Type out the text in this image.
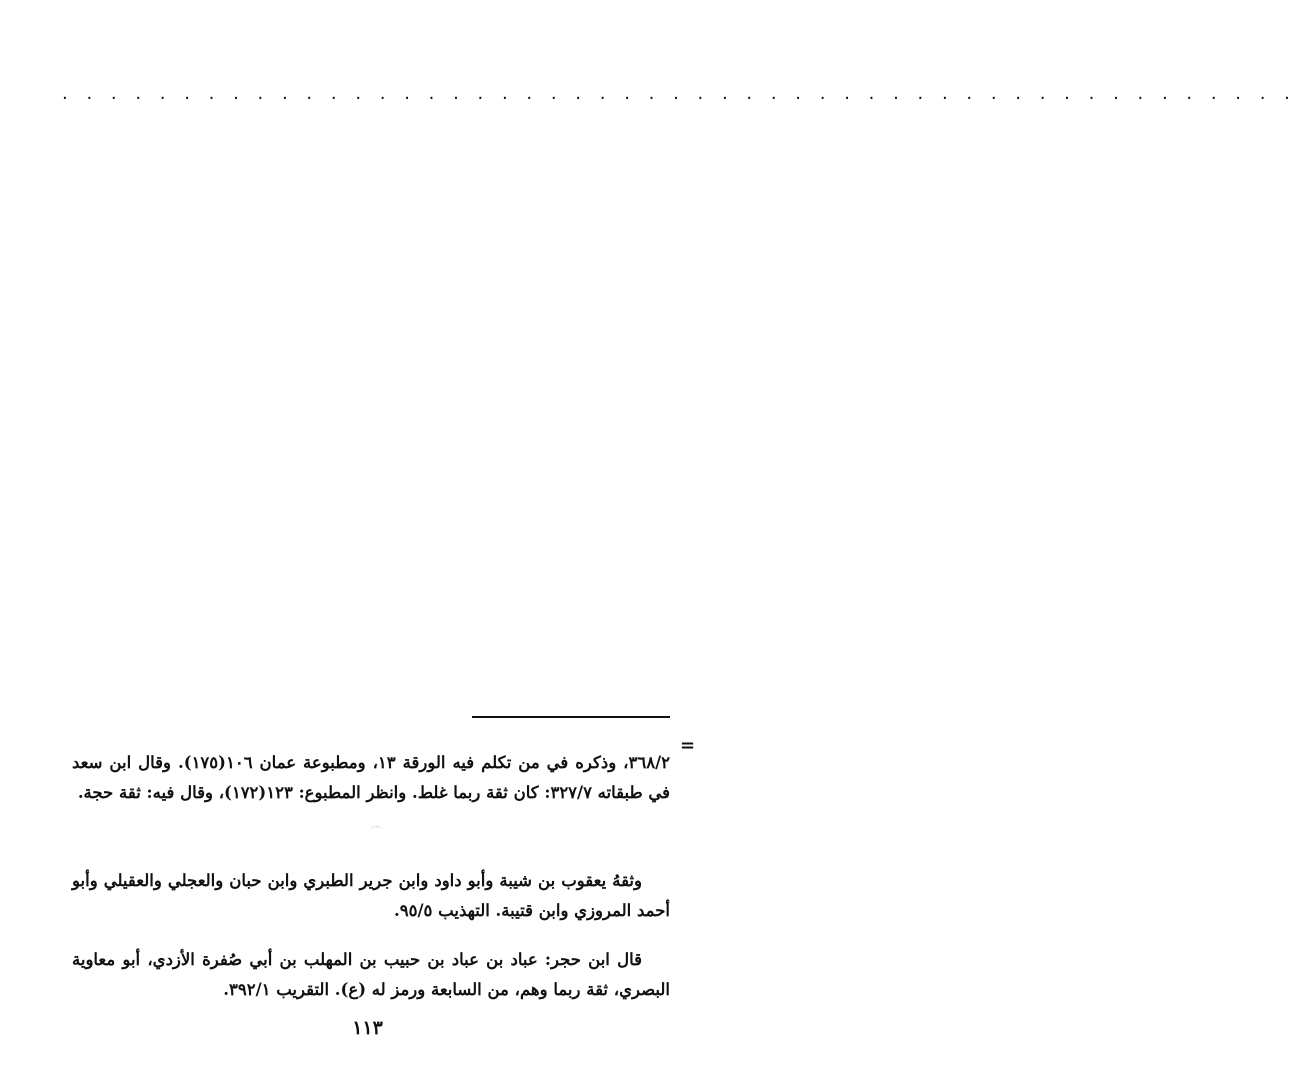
. . . . . . . . . . . . . . . . . . . . . . . . . . . . . . . . . . . . . . . . . . . . . . . . . . .
=

٣٦٨/٢، وذكره في من تكلم فيه الورقة ١٣، ومطبوعة عمان ١٠٦(١٧٥). وقال ابن سعد في طبقاته ٣٢٧/٧: كان ثقة ربما غلط. وانظر المطبوع: ١٢٣(١٧٢)، وقال فيه: ثقة حجة.

وثقهُ يعقوب بن شيبة وأبو داود وابن جرير الطبري وابن حبان والعجلي والعقيلي وأبو أحمد المروزي وابن قتيبة. التهذيب ٩٥/٥.

قال ابن حجر: عباد بن عباد بن حبيب بن المهلب بن أبي صُفرة الأزدي، أبو معاوية البصري، ثقة ربما وهم، من السابعة ورمز له (ع). التقريب ٣٩٢/١.

١١٣
